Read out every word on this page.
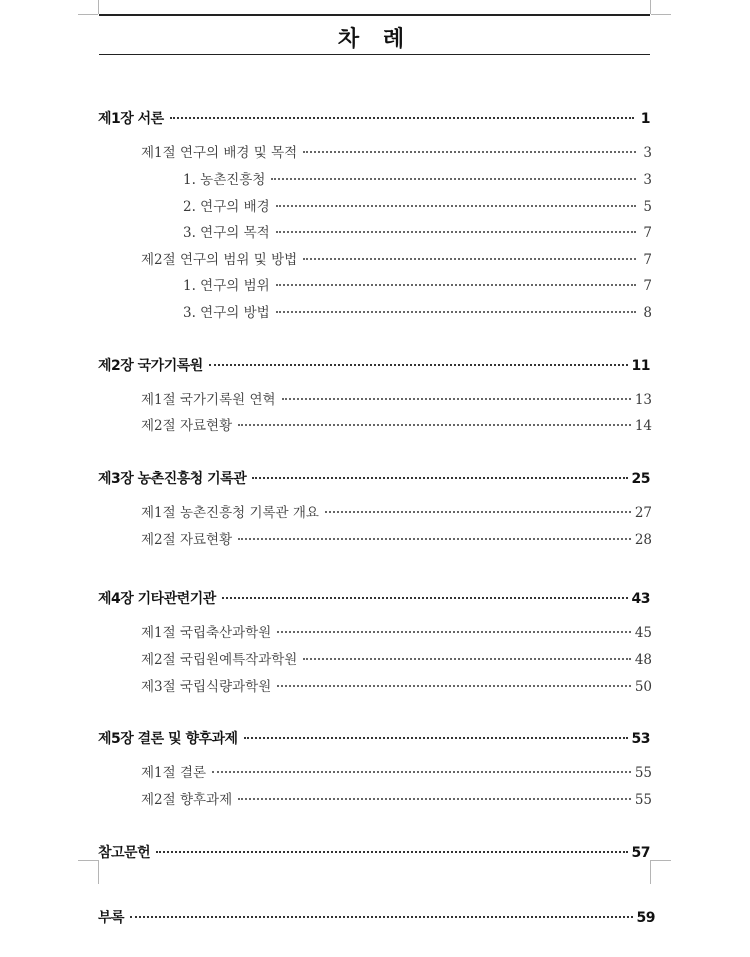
차 례
제1장 서론	1
제1절 연구의 배경 및 목적	3
1. 농촌진흥청	3
2. 연구의 배경	5
3. 연구의 목적	7
제2절 연구의 범위 및 방법	7
1. 연구의 범위	7
3. 연구의 방법	8
제2장 국가기록원	11
제1절 국가기록원 연혁	13
제2절 자료현황	14
제3장 농촌진흥청 기록관	25
제1절 농촌진흥청 기록관 개요	27
제2절 자료현황	28
제4장 기타관련기관	43
제1절 국립축산과학원	45
제2절 국립원예특작과학원	48
제3절 국립식량과학원	50
제5장 결론 및 향후과제	53
제1절 결론	55
제2절 향후과제	55
참고문헌	57
부록	59
